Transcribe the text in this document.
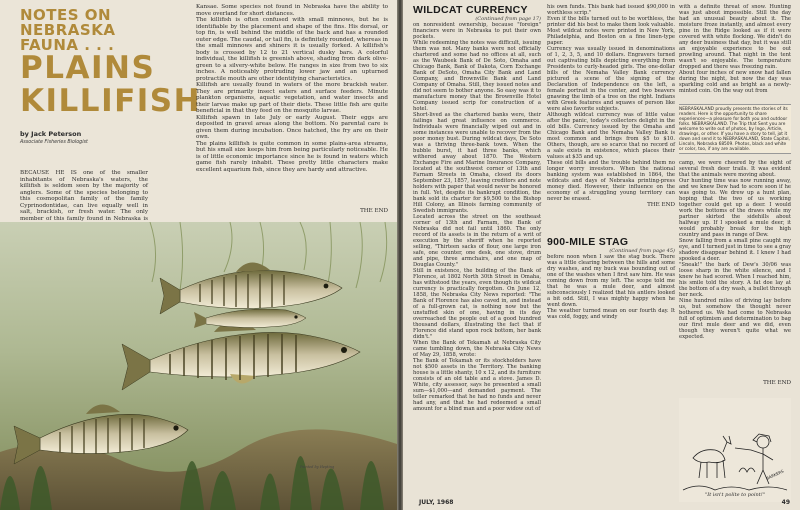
NOTES ON
NEBRASKA
FAUNA . . .
PLAINS
KILLIFISH
by Jack Peterson
Associate Fisheries Biologist
BECAUSE HE IS one of the smaller inhabitants of Nebraska's waters, the killifish is seldom seen by the majority of anglers. Some of the species belonging to this cosmopolitan family of the family Cyprinodontidae, can live equally well in salt, brackish, or fresh water. The only member of this family found in Nebraska is
Kansae. Some species not found in Nebraska have the ability to move overland for short distances.
The killifish is often confused with small minnows, but he is identifiable by the placement and shape of the fins. His dorsal, or top fin, is well behind the middle of the back and has a rounded outer edge. The caudal, or tail fin, is definitely rounded, whereas in the small minnows and shiners it is usually forked. A killifish's body is crossed by 12 to 21 vertical dusky bars. A colorful individual, the killifish is greenish above, shading from dark olive-green to a silvery-white below. He ranges in size from two to six inches. A noticeably protruding lower jaw and an upturned protractile mouth are other identifying characteristics.
Killifish are usually found in waters of the more brackish water. They are primarily insect eaters and surface feeders. Minute plankton organisms, aquatic vegetation, and water insects and their larvae make up part of their diets. These little fish are quite beneficial in that they feed on the mosquito larvae.
Killifish spawn in late July or early August. Their eggs are deposited in gravel areas along the bottom. No parental care is given them during incubation. Once hatched, the fry are on their own.
The plains killifish is quite common in some plains-area streams, but his small size keeps him from being particularly noticeable. He is of little economic importance since he is found in waters which game fish rarely inhabit. These pretty little characters make excellent aquarium fish, since they are hardy and attractive.
THE END
Painted by Hepting
WILDCAT CURRENCY
(Continued from page 17)
on nonresident ownership, because "foreign" financiers were in Nebraska to put their own pockets.
While redeeming the notes was difficult, issuing them was not. Many banks were not officially chartered and some had no offices at all, such as the Waubeek Bank of De Soto, Omaha and Chicago Bank, Bank of Dakota, Corn Exchange Bank of DeSoto, Omaha City Bank and Land Company, and Brownville Bank and Land Company of Omaha. Still, they issued notes and did not seem to bother anyone. So easy was it to manufacture money that the Brownville Hotel Company issued scrip for construction of a hotel.
Short-lived as the chartered banks were, their failings had great influence on commerce. Individuals were financially wiped out and in some instances were unable to recover from the poor money bust. During wildcat days, De Soto was a thriving three-bank town. When the bubble burst, it had three banks, which withered away about 1870. The Western Exchange Fire and Marine Insurance Company, located at the southwest corner of 13th and Farnam Streets in Omaha, closed its doors September 23, 1857, leaving creditors and note holders with paper that would never be honored in full. Yet, despite its bankrupt condition, the bank sold its charter for $9,500 to the Bishop Hill Colony, an Illinois farming community of Swedish immigrants.
Located across the street on the southeast corner of 13th and Farnam, the Bank of Nebraska did not fail until 1860. The only record of its assets is in the return of a writ of execution by the sheriff when he reported selling, "Thirteen sacks of flour, one large iron safe, one counter, one desk, one stove, drum and pipe, three armchairs, and one map of Douglas County."
Still in existence, the building of the Bank of Florence, at 1802 North 30th Street in Omaha, has withstood the years, even though its wildcat currency is practically forgotten. On June 12, 1858, the Nebraska City News reported: "The Bank of Florence has also caved in, and instead of a full-grown cat, is nothing now but the unstuffed skin of one, having in its day overreached the people out of a good hundred thousand dollars, illustrating the fact that if Florence did stand upon rock bottom, her bank didn't."
When the Bank of Tekamah at Nebraska City came tumbling down, the Nebraska City News of May 29, 1858, wrote:
The Bank of Tekamah or its stockholders have not $500 assets in the Territory. The banking house is a little shanty, 10 x 12, and its furniture consists of an old table and a stove. James D. White, city assessor, says he presented a small sum—$1,000—and demanded payment. The teller remarked that he had no funds and never had any, and that he had redeemed a small amount for a blind man and a poor widow out of
his own funds. This bank had issued $90,000 in worthless scrip."
Even if the bills turned out to be worthless, the printer did his best to make them look valuable. Most wildcat notes were printed in New York, Philadelphia, and Boston on a fine linen-type paper.
Currency was usually issued in denominations of 1, 2, 3, 5, and 10 dollars. Engravers turned out captivating bills depicting everything from Presidents to curly-headed girls. The one-dollar bills of the Nemaha Valley Bank currency pictured a scene of the signing of the Declaration of Independence on the left, a female portrait in the center, and two beavers gnawing the limb of a tree on the right. Indians with Greek features and squaws of person like were also favorite subjects.
Although wildcat currency was of little value after the panic, today's collectors delight in the old bills. Currency issued by the Omaha and Chicago Bank and the Nemaha Valley Bank is most common and brings from $5 to $10. Others, though, are so scarce that no record of a sale exists in existence, which places their values at $35 and up.
These old bills and the trouble behind them no longer worry investors. When the national banking system was established in 1864, the wildcats and days of Nebraska printing-press money died. However, their influence on the economy of a struggling young territory can never be erased.
THE END
900-MILE STAG
(Continued from page 45)
before noon when I saw the stag buck. There was a little clearing between the hills and some dry washes, and my buck was bounding out of one of the washes when I first saw him. He was coming down from my left. The scope told me that he was a mule deer, and almost subconsciously I realized that his antlers looked a bit odd. Still, I was mighty happy when he went down.
The weather turned mean on our fourth day. It was cold, foggy, and windy
with a definite threat of snow. Hunting was just about impossible. Still the day had an unusual beauty about it. The moisture froze instantly, and almost every pine in the Ridge looked as if it were covered with white flocking. We didn't do any deer business that day, but it was still an enjoyable experience to be out prowling around. That night in the tent wasn't so enjoyable. The temperature dropped and there was freezing rain.
About four inches of new snow had fallen during the night, but now the day was sparkling cold and as bright as a newly-minted coin. On the way out from
NEBRASKALAND proudly presents the stories of its readers. Here is the opportunity to share experiences—a pleasure for both you and outdoor folks. NEBRASKALAND. The Trip that Sent you are welcome to write out of photos, by Ingo, Article, drawings, or other. If you have a story to tell, jot it down and send it to NEBRASKALAND, State Capitol, Lincoln, Nebraska 68509. Photos, black and white or color, too, if any are available.
camp, we were cheered by the sight of several fresh deer trails. It was evident that the animals were moving about.
Our hunting time was now running away, and we knew Dew had to score soon if he was going to. We drew up a hunt plan, hoping that the two of us working together could get up a deer. I would work the bottoms of the draws while my partner skirted the sidehills about halfway up. If I spooked a mule deer, it would probably break for the high country and pass in range of Dew.
Snow falling from a small pine caught my eye, and I turned just in time to see a gray shadow disappear behind it. I knew I had spooked a deer.
"Sneak!" the bark of Dew's 30/06 was loose sharp in the white silence, and I knew he had scored. When I reached him, his smile told the story. A fat doe lay at the bottom of a dry wash, a bullet through her neck.
Nine hundred miles of driving lay before us, but somehow the thought never bothered us. We had come to Nebraska full of optimism and determination to bag our first mule deer and we did, even though they weren't quite what we expected.
THE END
BARKERS
"It isn't polite to point!"
JULY, 1968	49
